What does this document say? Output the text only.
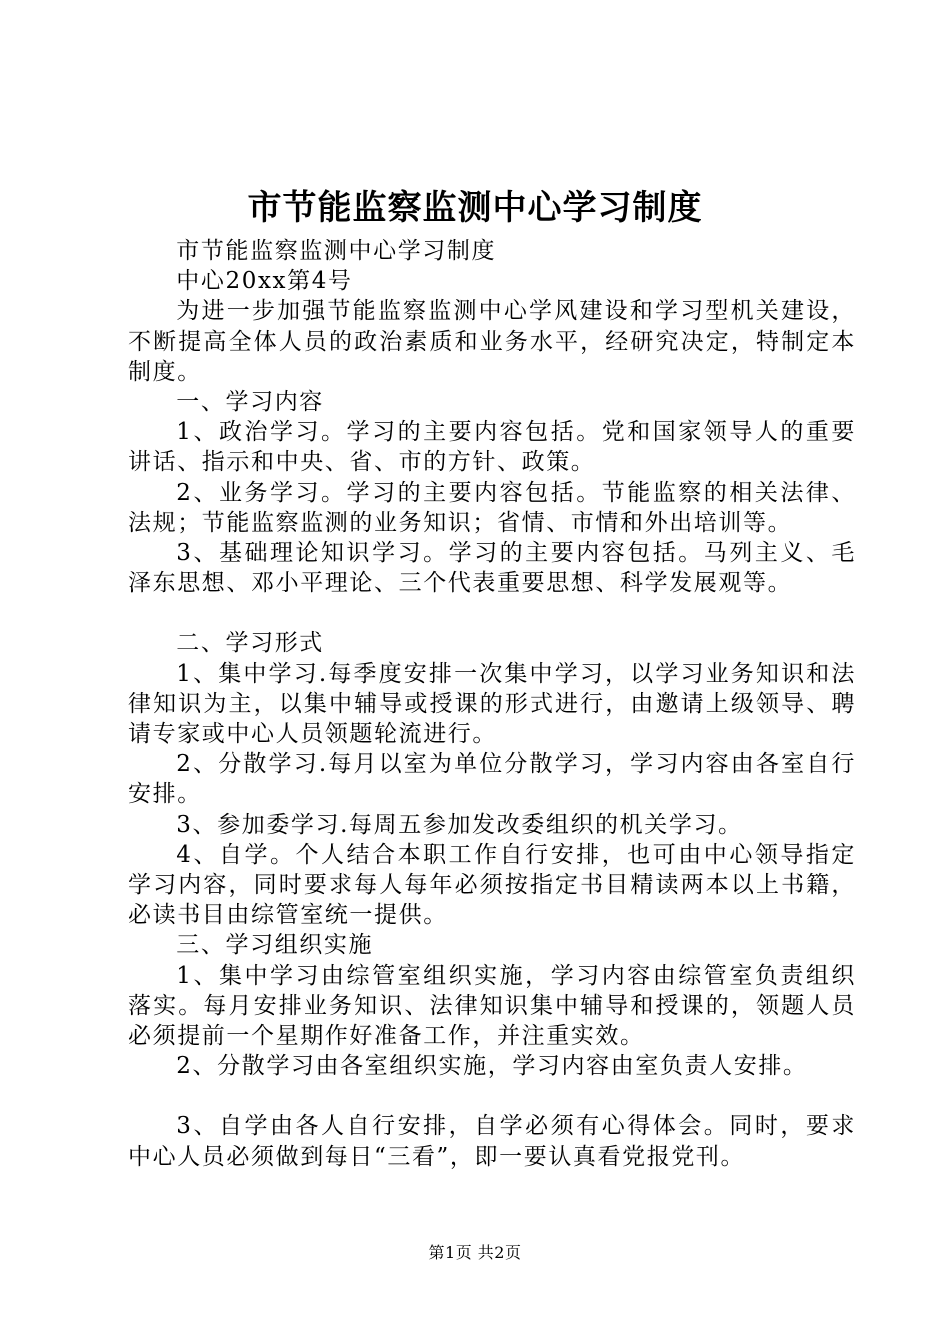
市节能监察监测中心学习制度

市节能监察监测中心学习制度

中心20xx第4号

为进一步加强节能监察监测中心学风建设和学习型机关建设，不断提高全体人员的政治素质和业务水平，经研究决定，特制定本制度。

一、学习内容

1、政治学习。学习的主要内容包括。党和国家领导人的重要讲话、指示和中央、省、市的方针、政策。

2、业务学习。学习的主要内容包括。节能监察的相关法律、法规；节能监察监测的业务知识；省情、市情和外出培训等。

3、基础理论知识学习。学习的主要内容包括。马列主义、毛泽东思想、邓小平理论、三个代表重要思想、科学发展观等。

二、学习形式

1、集中学习.每季度安排一次集中学习，以学习业务知识和法律知识为主，以集中辅导或授课的形式进行，由邀请上级领导、聘请专家或中心人员领题轮流进行。

2、分散学习.每月以室为单位分散学习，学习内容由各室自行安排。

3、参加委学习.每周五参加发改委组织的机关学习。

4、自学。个人结合本职工作自行安排，也可由中心领导指定学习内容，同时要求每人每年必须按指定书目精读两本以上书籍，必读书目由综管室统一提供。

三、学习组织实施

1、集中学习由综管室组织实施，学习内容由综管室负责组织落实。每月安排业务知识、法律知识集中辅导和授课的，领题人员必须提前一个星期作好准备工作，并注重实效。

2、分散学习由各室组织实施，学习内容由室负责人安排。

3、自学由各人自行安排，自学必须有心得体会。同时，要求中心人员必须做到每日“三看”，即一要认真看党报党刊。

第1页 共2页
